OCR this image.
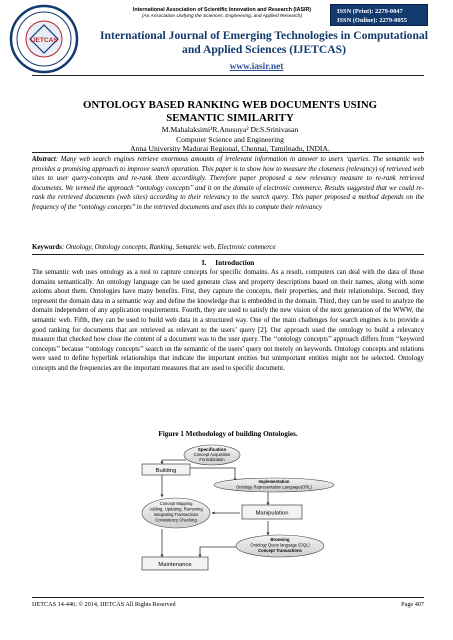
IJETCAS
International Association of Scientific Innovation and Research (IASIR)
(An Association Unifying the Sciences, Engineering, and Applied Research)
ISSN (Print): 2279-0047
ISSN (Online): 2279-0055
International Journal of Emerging Technologies in Computational
and Applied Sciences (IJETCAS)
www.iasir.net
ONTOLOGY BASED RANKING WEB DOCUMENTS USING
SEMANTIC SIMILARITY
M.Mahalaksimi¹R.Anusuya² Dr.S.Srinivasan
Computer Science and Engineering
Anna University Madurai Regional, Chennai, Tamilnadu, INDIA.
Abstract: Many web search engines retrieve enormous amounts of irrelevant information in answer to users ‘queries. The semantic web provides a promising approach to improve search operation. This paper is to show how to measure the closeness (relevancy) of retrieved web sites to user query-concepts and re-rank them accordingly. Therefore paper proposed a new relevancy measure to re-rank retrieved documents. We termed the approach ‘‘ontology concepts’’ and it on the domain of electronic commerce. Results suggested that we could re-rank the retrieved documents (web sites) according to their relevancy to the search query. This paper proposed a method depends on the frequency of the ‘‘ontology concepts’’ in the retrieved documents and uses this to compute their relevancy
Keywords: Ontology, Ontology concepts, Ranking, Semantic web, Electronic commerce
I.     Introduction
The semantic web uses ontology as a tool to capture concepts for specific domains. As a result, computers can deal with the data of those domains semantically. An ontology language can be used generate class and property descriptions based on their names, along with some axioms about them. Ontologies have many benefits. First, they capture the concepts, their properties, and their relationships. Second, they represent the domain data in a semantic way and define the knowledge that is embedded in the domain. Third, they can be used to analyze the domain independent of any application requirements. Fourth, they are used to satisfy the new vision of the next generation of the WWW, the semantic web. Fifth, they can be used to build web data in a structured way. One of the main challenges for search engines is to provide a good ranking for documents that are retrieved as relevant to the users’ query [2]. Our approach used the ontology to build a relevancy measure that checked how close the content of a document was to the user query. The ‘‘ontology concepts’’ approach differs from ‘‘keyword concepts’’ because ‘‘ontology concepts’’ search on the semantic of the users’ query not merely on keywords. Ontology concepts and relations were used to define hyperlink relationships that indicate the important entities but unimportant entities might not be selected. Ontology concepts and the frequencies are the important measures that are used to specific document.
Figure 1 Methodology of building Ontologies.
Specification
Concept Acquisition
Formalization
Building
Implementation
Ontology Representation Language(ORL)
Concept Mapping
Adding, Updating, Removing
Integrating Transactions
Consistency Checking
Manipulation
Browsing
Ontology Query language (OQL)
Concept Transactions
Maintenance
IJETCAS 14-446; © 2014, IJETCAS All Rights Reserved	Page 407
